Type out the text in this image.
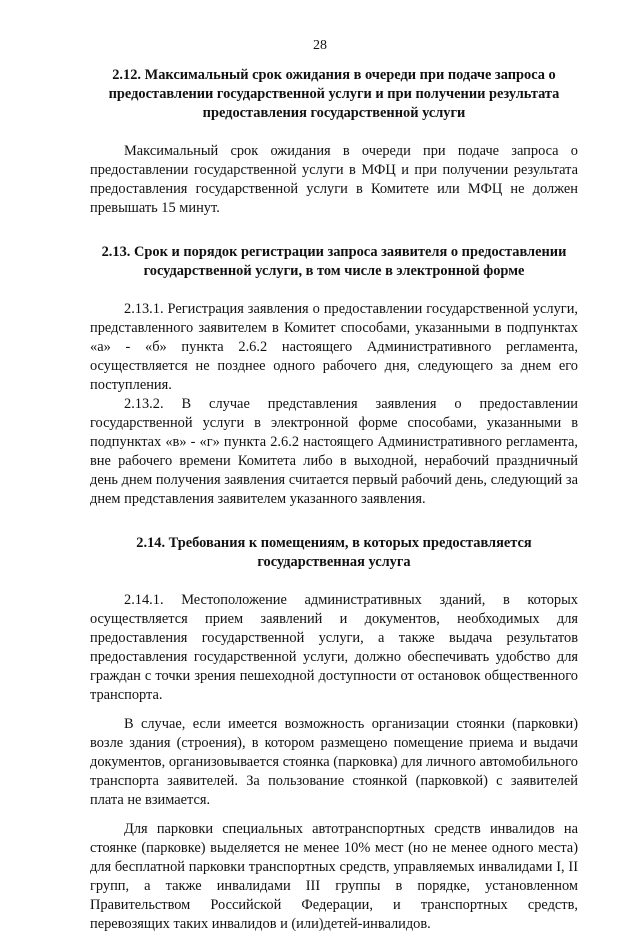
28
2.12. Максимальный срок ожидания в очереди при подаче запроса о предоставлении государственной услуги и при получении результата предоставления государственной услуги

Максимальный срок ожидания в очереди при подаче запроса о предоставлении государственной услуги в МФЦ и при получении результата предоставления государственной услуги в Комитете или МФЦ не должен превышать 15 минут.

2.13. Срок и порядок регистрации запроса заявителя о предоставлении государственной услуги, в том числе в электронной форме

2.13.1. Регистрация заявления о предоставлении государственной услуги, представленного заявителем в Комитет способами, указанными в подпунктах «а» - «б» пункта 2.6.2 настоящего Административного регламента, осуществляется не позднее одного рабочего дня, следующего за днем его поступления.

2.13.2. В случае представления заявления о предоставлении государственной услуги в электронной форме способами, указанными в подпунктах «в» - «г» пункта 2.6.2 настоящего Административного регламента, вне рабочего времени Комитета либо в выходной, нерабочий праздничный день днем получения заявления считается первый рабочий день, следующий за днем представления заявителем указанного заявления.

2.14. Требования к помещениям, в которых предоставляется государственная услуга

2.14.1. Местоположение административных зданий, в которых осуществляется прием заявлений и документов, необходимых для предоставления государственной услуги, а также выдача результатов предоставления государственной услуги, должно обеспечивать удобство для граждан с точки зрения пешеходной доступности от остановок общественного транспорта.

В случае, если имеется возможность организации стоянки (парковки) возле здания (строения), в котором размещено помещение приема и выдачи документов, организовывается стоянка (парковка) для личного автомобильного транспорта заявителей. За пользование стоянкой (парковкой) с заявителей плата не взимается.

Для парковки специальных автотранспортных средств инвалидов на стоянке (парковке) выделяется не менее 10% мест (но не менее одного места) для бесплатной парковки транспортных средств, управляемых инвалидами I, II групп, а также инвалидами III группы в порядке, установленном Правительством Российской Федерации, и транспортных средств, перевозящих таких инвалидов и (или)детей-инвалидов.
